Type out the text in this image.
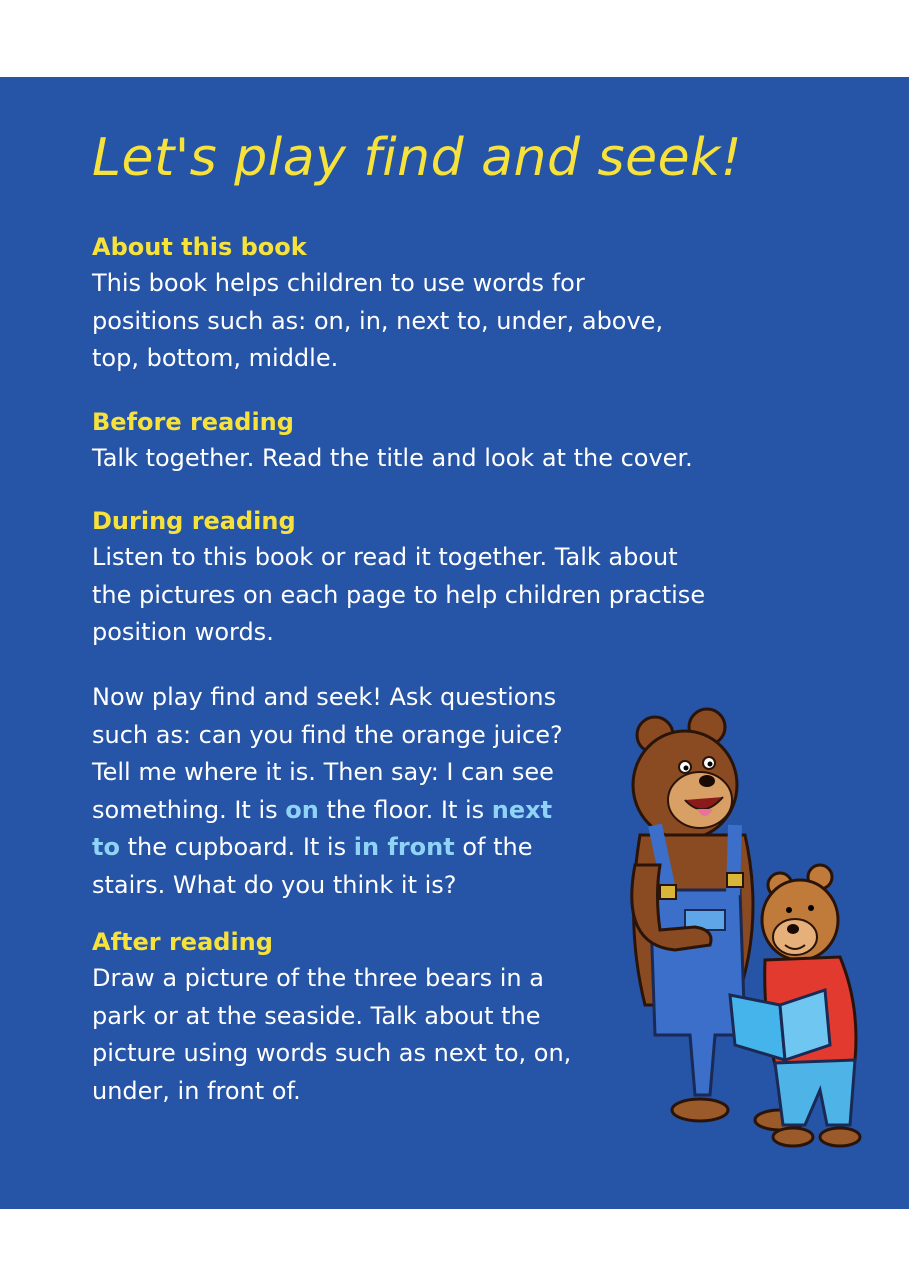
Let's play find and seek!
About this book

This book helps children to use words for
positions such as: on, in, next to, under, above,
top, bottom, middle.

Before reading

Talk together. Read the title and look at the cover.

During reading

Listen to this book or read it together. Talk about
the pictures on each page to help children practise
position words.

Now play find and seek! Ask questions
such as: can you find the orange juice?
Tell me where it is. Then say: I can see
something. It is on the floor. It is next
to the cupboard. It is in front of the
stairs. What do you think it is?

After reading

Draw a picture of the three bears in a
park or at the seaside. Talk about the
picture using words such as next to, on,
under, in front of.
